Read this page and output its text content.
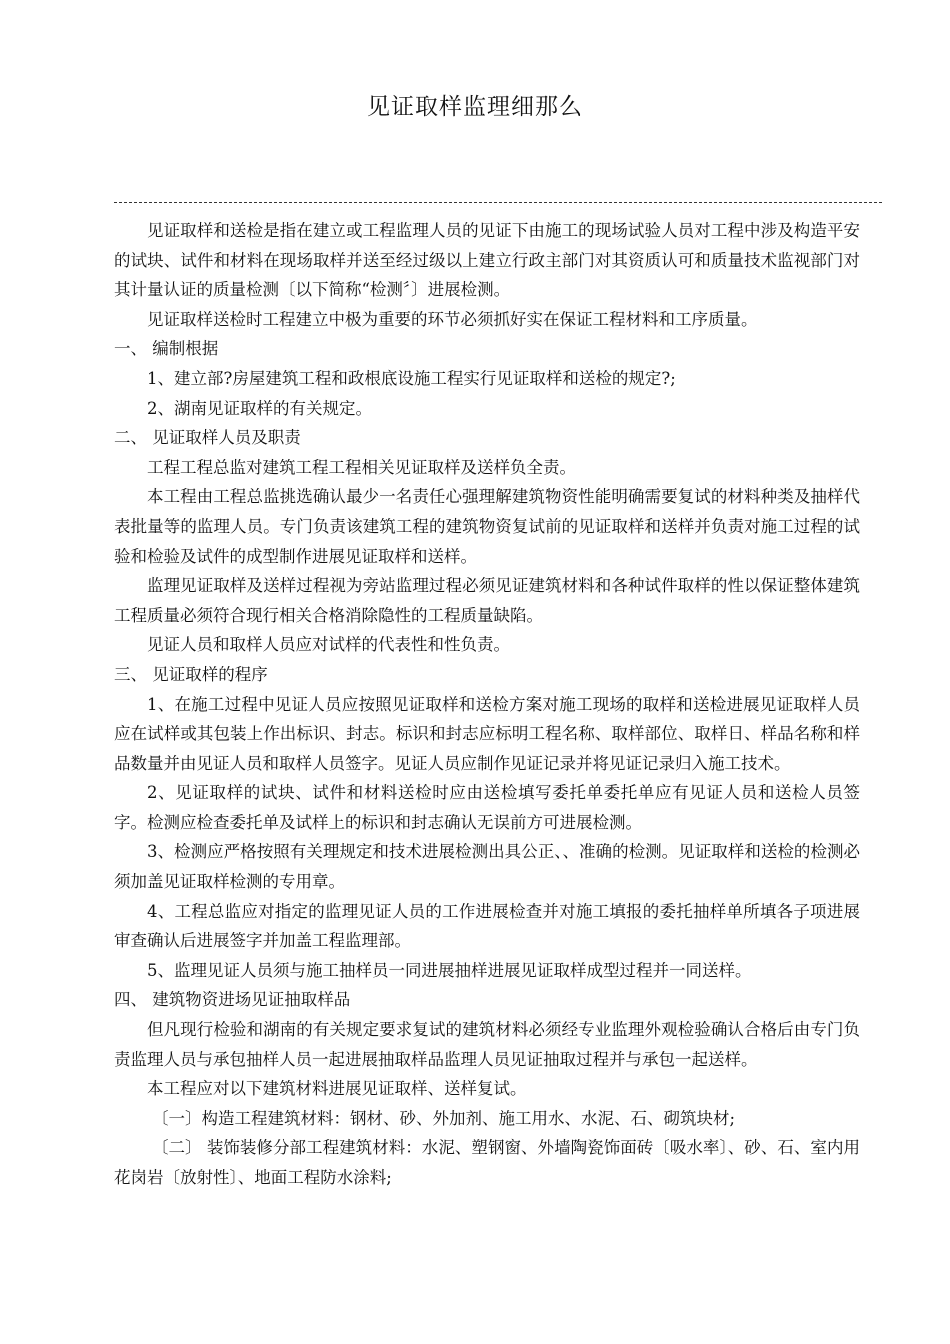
见证取样监理细那么

见证取样和送检是指在建立或工程监理人员的见证下由施工的现场试验人员对工程中涉及构造平安的试块、试件和材料在现场取样并送至经过级以上建立行政主部门对其资质认可和质量技术监视部门对其计量认证的质量检测〔以下简称“检测〞〕进展检测。

见证取样送检时工程建立中极为重要的环节必须抓好实在保证工程材料和工序质量。

一、 编制根据

1、建立部?房屋建筑工程和政根底设施工程实行见证取样和送检的规定?;

2、湖南见证取样的有关规定。

二、 见证取样人员及职责

工程工程总监对建筑工程工程相关见证取样及送样负全责。

本工程由工程总监挑选确认最少一名责任心强理解建筑物资性能明确需要复试的材料种类及抽样代表批量等的监理人员。专门负责该建筑工程的建筑物资复试前的见证取样和送样并负责对施工过程的试验和检验及试件的成型制作进展见证取样和送样。

监理见证取样及送样过程视为旁站监理过程必须见证建筑材料和各种试件取样的性以保证整体建筑工程质量必须符合现行相关合格消除隐性的工程质量缺陷。

见证人员和取样人员应对试样的代表性和性负责。

三、 见证取样的程序

1、在施工过程中见证人员应按照见证取样和送检方案对施工现场的取样和送检进展见证取样人员应在试样或其包装上作出标识、封志。标识和封志应标明工程名称、取样部位、取样日、样品名称和样品数量并由见证人员和取样人员签字。见证人员应制作见证记录并将见证记录归入施工技术。

2、见证取样的试块、试件和材料送检时应由送检填写委托单委托单应有见证人员和送检人员签字。检测应检查委托单及试样上的标识和封志确认无误前方可进展检测。

3、检测应严格按照有关理规定和技术进展检测出具公正、、准确的检测。见证取样和送检的检测必须加盖见证取样检测的专用章。

4、工程总监应对指定的监理见证人员的工作进展检查并对施工填报的委托抽样单所填各子项进展审查确认后进展签字并加盖工程监理部。

5、监理见证人员须与施工抽样员一同进展抽样进展见证取样成型过程并一同送样。

四、 建筑物资进场见证抽取样品

但凡现行检验和湖南的有关规定要求复试的建筑材料必须经专业监理外观检验确认合格后由专门负责监理人员与承包抽样人员一起进展抽取样品监理人员见证抽取过程并与承包一起送样。

本工程应对以下建筑材料进展见证取样、送样复试。

〔一〕构造工程建筑材料：钢材、砂、外加剂、施工用水、水泥、石、砌筑块材;

〔二〕 装饰装修分部工程建筑材料：水泥、塑钢窗、外墙陶瓷饰面砖〔吸水率〕、砂、石、室内用花岗岩〔放射性〕、地面工程防水涂料;
